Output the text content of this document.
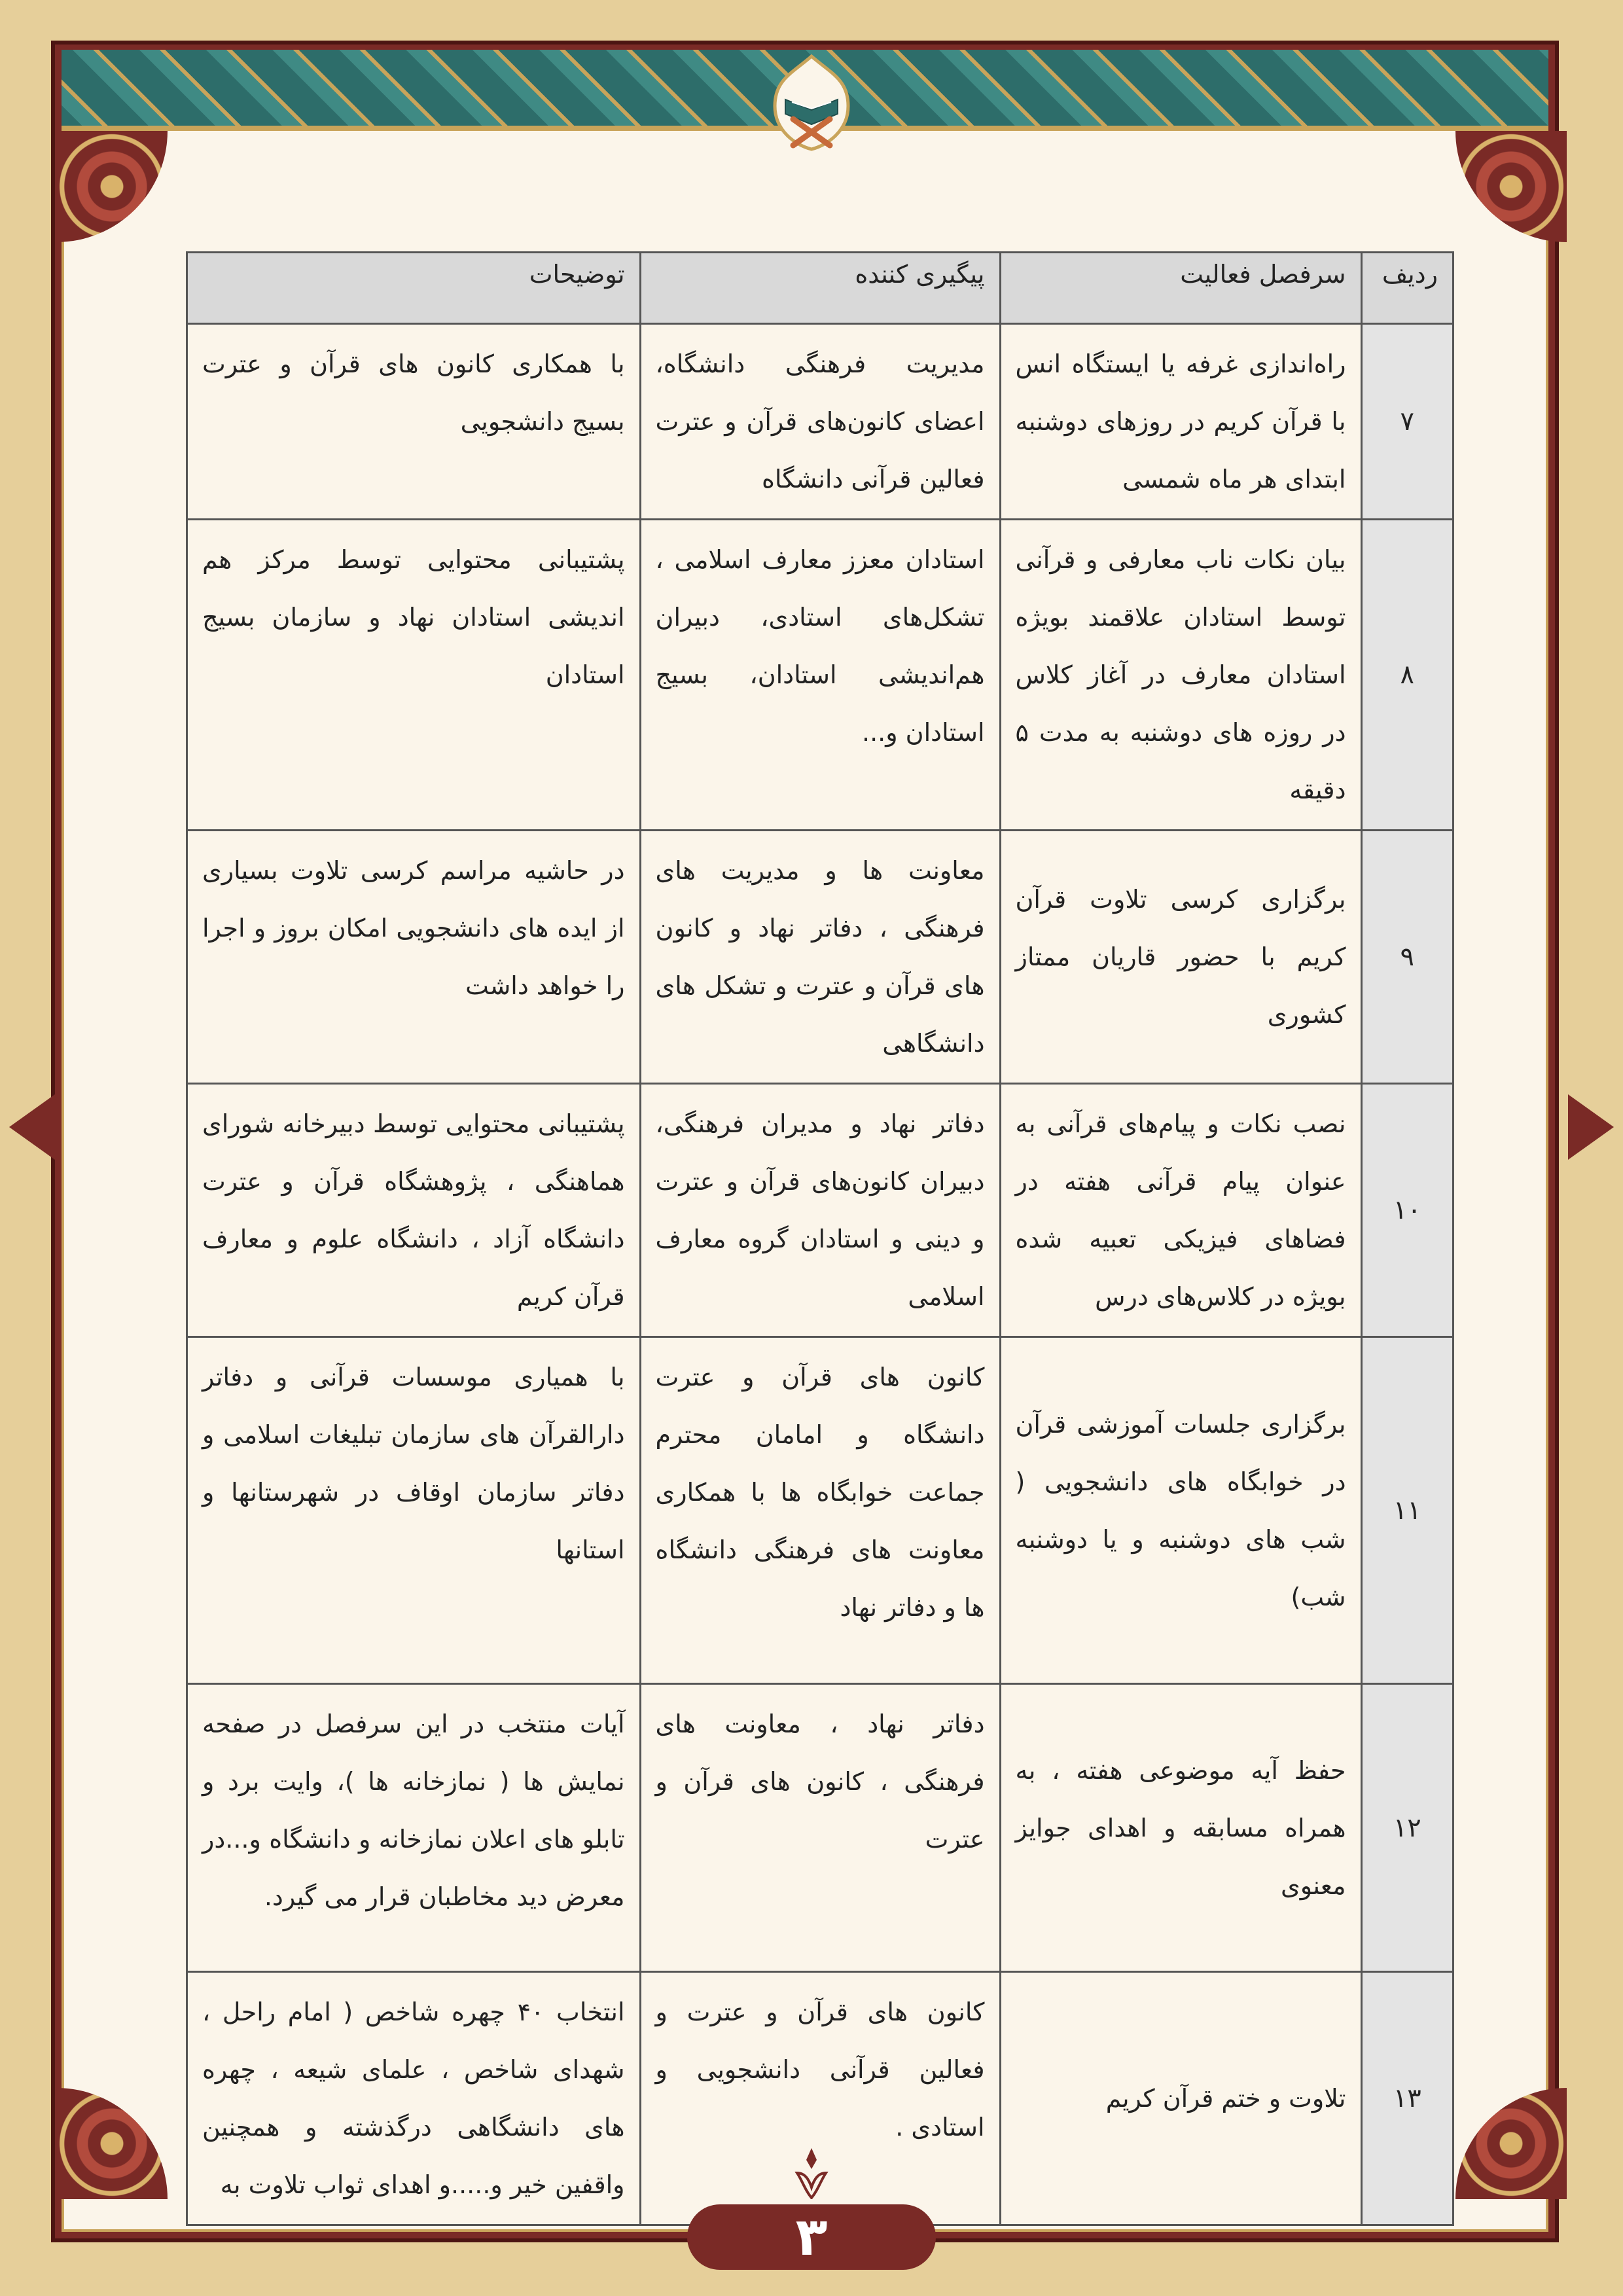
ردیف	سرفصل فعالیت	پیگیری کننده	توضیحات
۷	راه‌اندازی غرفه یا ایستگاه انس با قرآن کریم در روزهای دوشنبه ابتدای هر ماه شمسی	مدیریت فرهنگی دانشگاه، اعضای کانون‌های قرآن و عترت فعالین قرآنی دانشگاه	با همکاری کانون های قرآن و عترت بسیج دانشجویی
۸	بیان نکات ناب معارفی و قرآنی توسط استادان علاقمند بویژه استادان معارف در آغاز کلاس در روزه های دوشنبه به مدت ۵ دقیقه	استادان معزز معارف اسلامی ، تشکل‌های استادی، دبیران هم‌اندیشی استادان، بسیج استادان و...	پشتیبانی محتوایی توسط مرکز هم اندیشی استادان نهاد و سازمان بسیج استادان
۹	برگزاری کرسی تلاوت قرآن کریم با حضور قاریان ممتاز کشوری	معاونت ها و مدیریت های فرهنگی ، دفاتر نهاد و کانون های قرآن و عترت و تشکل های دانشگاهی	در حاشیه مراسم کرسی تلاوت بسیاری از ایده های دانشجویی امکان بروز و اجرا را خواهد داشت
۱۰	نصب نکات و پیام‌های قرآنی به عنوان پیام قرآنی هفته در فضاهای فیزیکی تعبیه شده بویژه در کلاس‌های درس	دفاتر نهاد و مدیران فرهنگی، دبیران کانون‌های قرآن و عترت و دینی و استادان گروه معارف اسلامی	پشتیبانی محتوایی توسط دبیرخانه شورای هماهنگی ، پژوهشگاه قرآن و عترت دانشگاه آزاد ، دانشگاه علوم و معارف قرآن کریم
۱۱	برگزاری جلسات آموزشی قرآن در خوابگاه های دانشجویی ( شب های دوشنبه و یا دوشنبه شب)	کانون های قرآن و عترت دانشگاه و امامان محترم جماعت خوابگاه ها با همکاری معاونت های فرهنگی دانشگاه ها و دفاتر نهاد	با همیاری موسسات قرآنی و دفاتر دارالقرآن های سازمان تبلیغات اسلامی و دفاتر سازمان اوقاف در شهرستانها و استانها
۱۲	حفظ آیه موضوعی هفته ، به همراه مسابقه و اهدای جوایز معنوی	دفاتر نهاد ، معاونت های فرهنگی ، کانون های قرآن و عترت	آیات منتخب در این سرفصل در صفحه نمایش ها ( نمازخانه ها )، وایت برد و تابلو های اعلان نمازخانه و دانشگاه و...در معرض دید مخاطبان قرار می گیرد.
۱۳	تلاوت و ختم قرآن کریم	کانون های قرآن و عترت و فعالین قرآنی دانشجویی و استادی .	انتخاب ۴۰ چهره شاخص ( امام راحل ، شهدای شاخص ، علمای شیعه ، چهره های دانشگاهی درگذشته و همچنین واقفین خیر و.....و اهدای ثواب تلاوت به
۳
